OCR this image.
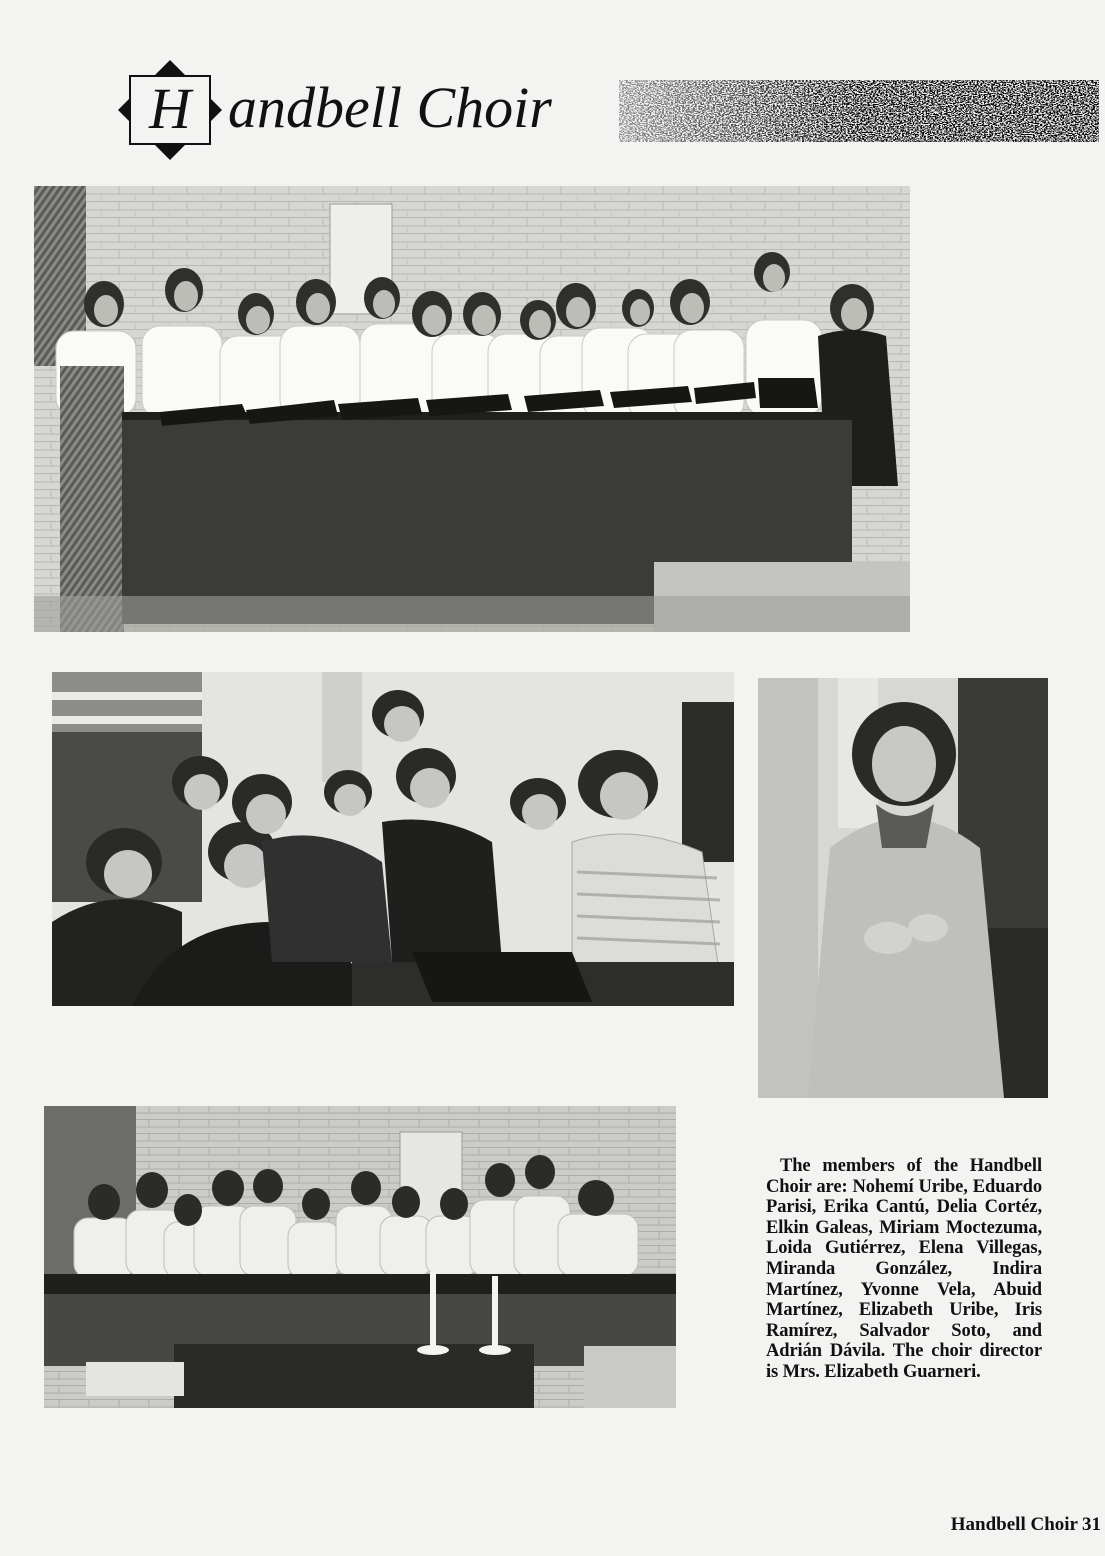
H andbell Choir
The members of the Handbell Choir are: Nohemí Uribe, Eduardo Parisi, Erika Cantú, Delia Cortéz, Elkin Galeas, Miriam Moctezuma, Loida Gutiérrez, Elena Villegas, Miranda González, Indira Martínez, Yvonne Vela, Abuid Martínez, Elizabeth Uribe, Iris Ramírez, Salvador Soto, and Adrián Dávila. The choir director is Mrs. Elizabeth Guarneri.
Handbell Choir 31
